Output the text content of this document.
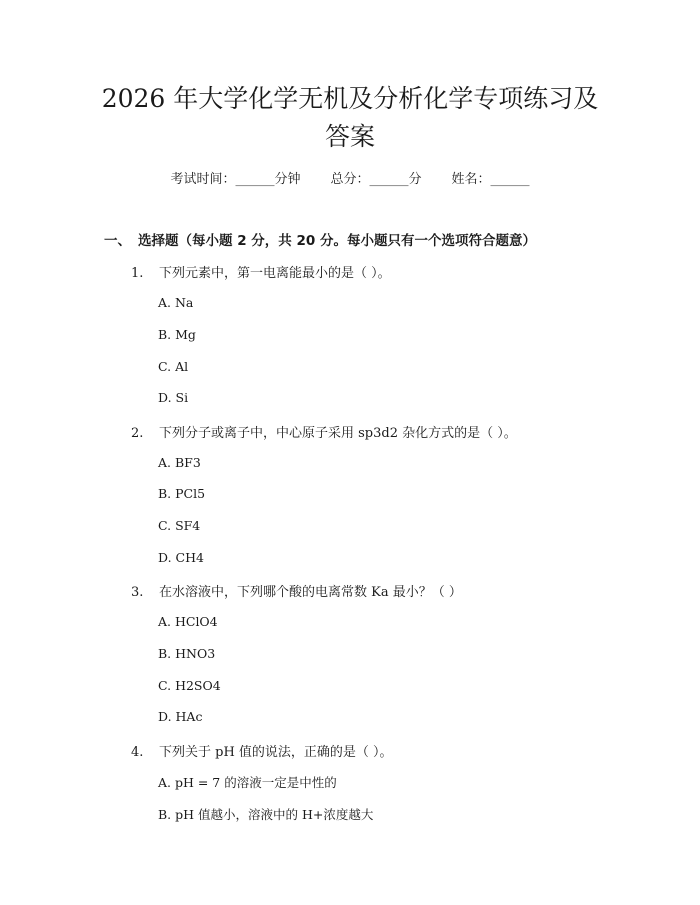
2026 年大学化学无机及分析化学专项练习及
答案
考试时间：______分钟 总分：______分 姓名：______
一、 选择题（每小题 2 分，共 20 分。每小题只有一个选项符合题意）
1. 下列元素中，第一电离能最小的是（ ）。
A. Na
B. Mg
C. Al
D. Si
2. 下列分子或离子中，中心原子采用 sp3d2 杂化方式的是（ ）。
A. BF3
B. PCl5
C. SF4
D. CH4
3. 在水溶液中，下列哪个酸的电离常数 Ka 最小？（ ）
A. HClO4
B. HNO3
C. H2SO4
D. HAc
4. 下列关于 pH 值的说法，正确的是（ ）。
A. pH = 7 的溶液一定是中性的
B. pH 值越小，溶液中的 H+浓度越大
